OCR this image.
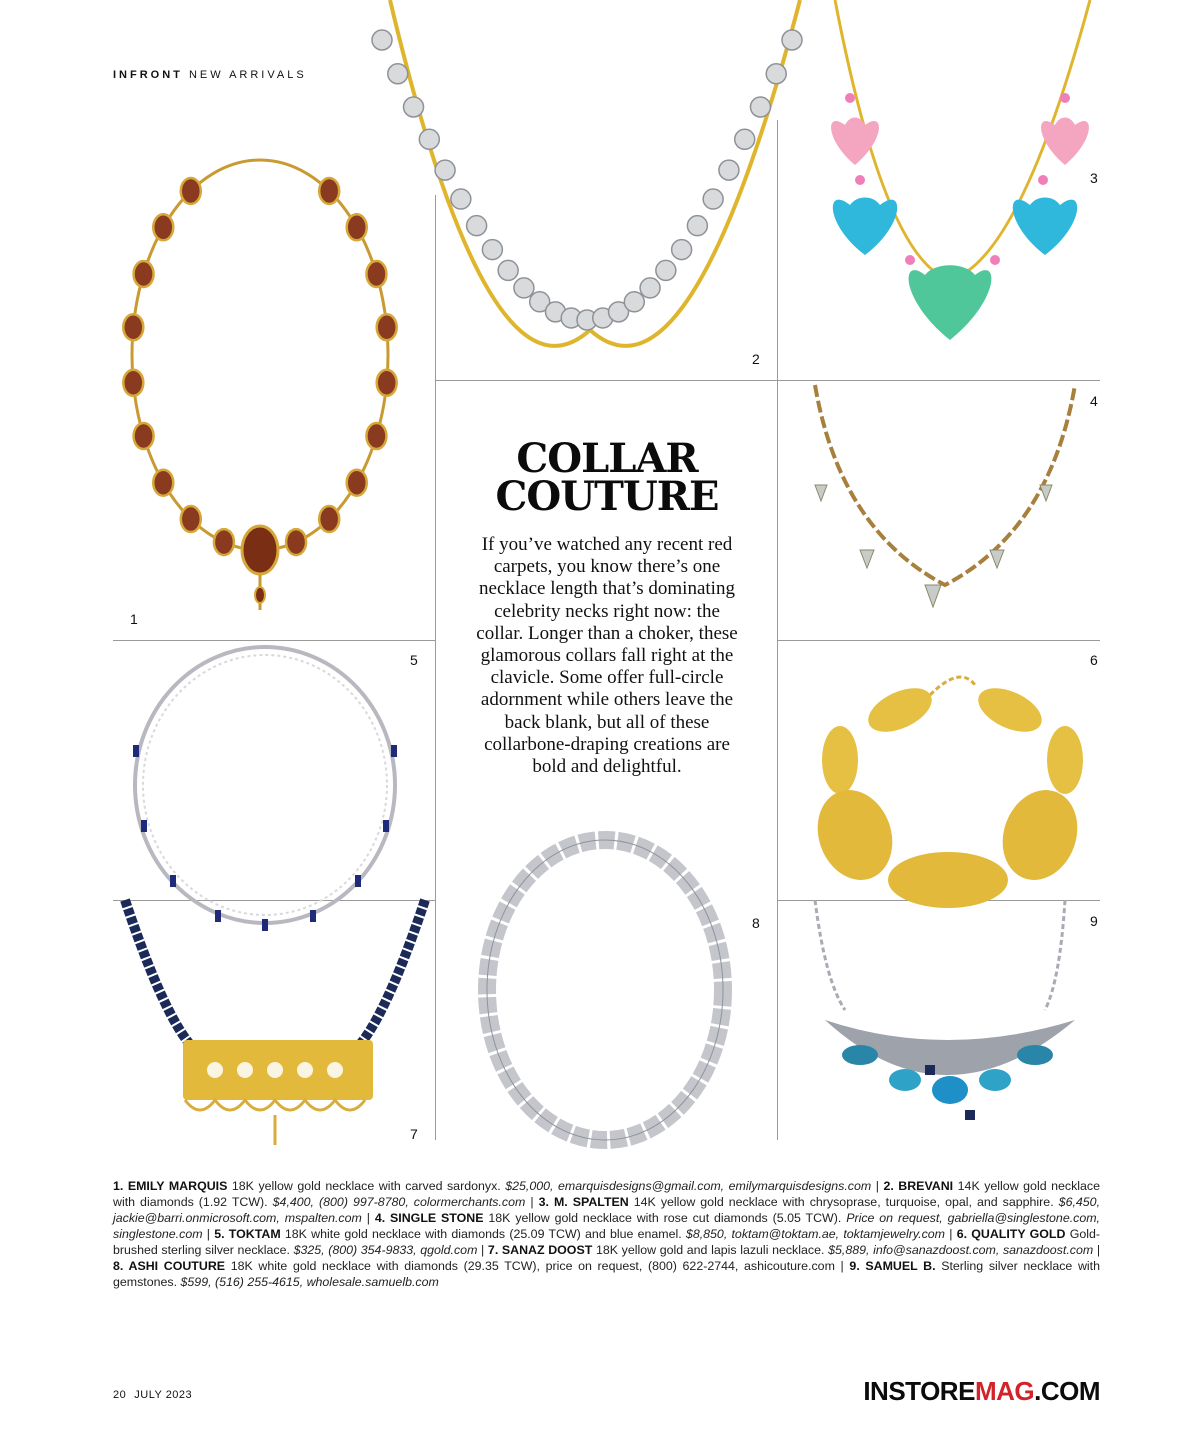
INFRONT NEW ARRIVALS
1
2
3
4
5	6
7
8	9
COLLAR
COUTURE
If you’ve watched any recent red carpets, you know there’s one necklace length that’s dominating celebrity necks right now: the collar. Longer than a choker, these glamorous collars fall right at the clavicle. Some offer full-circle adornment while others leave the back blank, but all of these collarbone-draping creations are bold and delightful.
1. EMILY MARQUIS 18K yellow gold necklace with carved sardonyx. $25,000, emarquisdesigns@gmail.com, emilymarquisdesigns.com | 2. BREVANI 14K yellow gold necklace with diamonds (1.92 TCW). $4,400, (800) 997-8780, colormerchants.com | 3. M. SPALTEN 14K yellow gold necklace with chrysoprase, turquoise, opal, and sapphire. $6,450, jackie@barri.onmicrosoft.com, mspalten.com | 4. SINGLE STONE 18K yellow gold necklace with rose cut diamonds (5.05 TCW). Price on request, gabriella@singlestone.com, singlestone.com | 5. TOKTAM 18K white gold necklace with diamonds (25.09 TCW) and blue enamel. $8,850, toktam@toktam.ae, toktamjewelry.com | 6. QUALITY GOLD Gold-brushed sterling silver necklace. $325, (800) 354-9833, qgold.com | 7. SANAZ DOOST 18K yellow gold and lapis lazuli necklace. $5,889, info@sanazdoost.com, sanazdoost.com | 8. ASHI COUTURE 18K white gold necklace with diamonds (29.35 TCW), price on request, (800) 622-2744, ashicouture.com | 9. SAMUEL B. Sterling silver necklace with gemstones. $599, (516) 255-4615, wholesale.samuelb.com
20 JULY 2023	INSTOREMAG.COM
